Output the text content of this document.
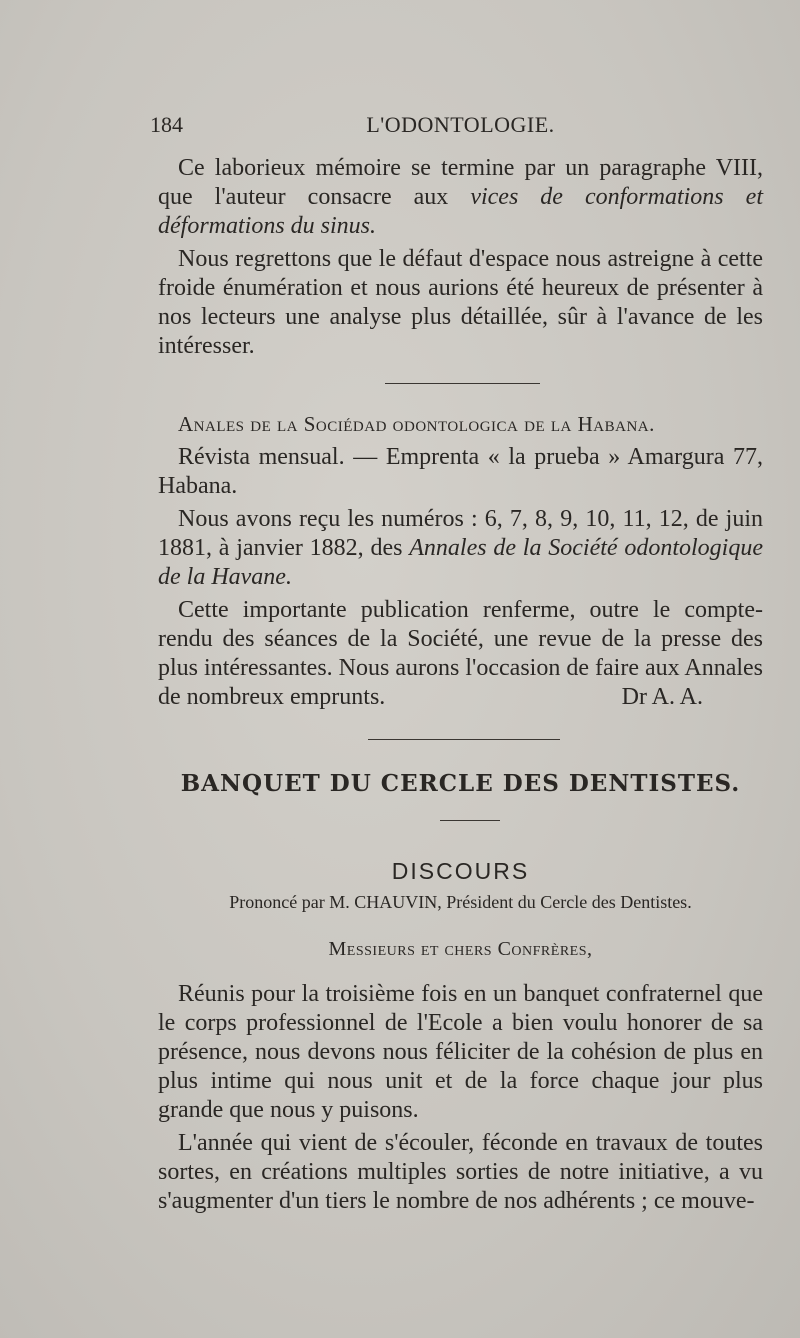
184	L'ODONTOLOGIE.

Ce laborieux mémoire se termine par un paragraphe VIII, que l'auteur consacre aux vices de conformations et déformations du sinus.

Nous regrettons que le défaut d'espace nous astreigne à cette froide énumération et nous aurions été heureux de présenter à nos lecteurs une analyse plus détaillée, sûr à l'avance de les intéresser.

Anales de la Sociédad odontologica de la Habana.

Révista mensual. — Emprenta « la prueba » Amargura 77, Habana.

Nous avons reçu les numéros : 6, 7, 8, 9, 10, 11, 12, de juin 1881, à janvier 1882, des Annales de la Société odontologique de la Havane.

Cette importante publication renferme, outre le compte-rendu des séances de la Société, une revue de la presse des plus intéressantes. Nous aurons l'occasion de faire aux Annales de nombreux emprunts.	Dr A. A.

BANQUET DU CERCLE DES DENTISTES.
DISCOURS
Prononcé par M. CHAUVIN, Président du Cercle des Dentistes.
Messieurs et chers Confrères,

Réunis pour la troisième fois en un banquet confraternel que le corps professionnel de l'Ecole a bien voulu honorer de sa présence, nous devons nous féliciter de la cohésion de plus en plus intime qui nous unit et de la force chaque jour plus grande que nous y puisons.

L'année qui vient de s'écouler, féconde en travaux de toutes sortes, en créations multiples sorties de notre initiative, a vu s'augmenter d'un tiers le nombre de nos adhérents ; ce mouve-
